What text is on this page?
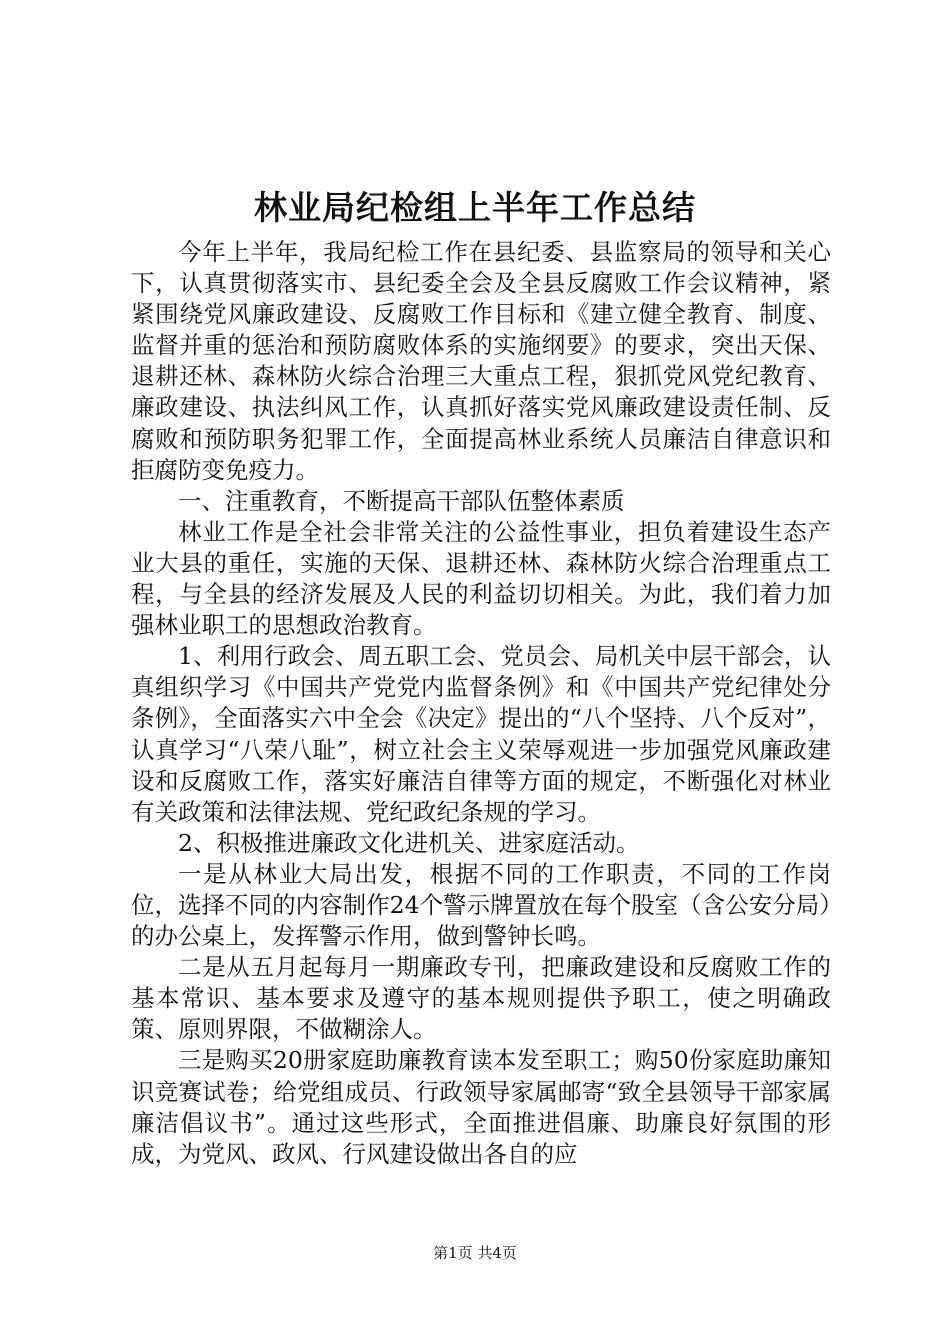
林业局纪检组上半年工作总结

今年上半年，我局纪检工作在县纪委、县监察局的领导和关心下，认真贯彻落实市、县纪委全会及全县反腐败工作会议精神，紧紧围绕党风廉政建设、反腐败工作目标和《建立健全教育、制度、监督并重的惩治和预防腐败体系的实施纲要》的要求，突出天保、退耕还林、森林防火综合治理三大重点工程，狠抓党风党纪教育、廉政建设、执法纠风工作，认真抓好落实党风廉政建设责任制、反腐败和预防职务犯罪工作，全面提高林业系统人员廉洁自律意识和拒腐防变免疫力。

一、注重教育，不断提高干部队伍整体素质

林业工作是全社会非常关注的公益性事业，担负着建设生态产业大县的重任，实施的天保、退耕还林、森林防火综合治理重点工程，与全县的经济发展及人民的利益切切相关。为此，我们着力加强林业职工的思想政治教育。

1、利用行政会、周五职工会、党员会、局机关中层干部会，认真组织学习《中国共产党党内监督条例》和《中国共产党纪律处分条例》，全面落实六中全会《决定》提出的“八个坚持、八个反对”，认真学习“八荣八耻”，树立社会主义荣辱观进一步加强党风廉政建设和反腐败工作，落实好廉洁自律等方面的规定，不断强化对林业有关政策和法律法规、党纪政纪条规的学习。

2、积极推进廉政文化进机关、进家庭活动。

一是从林业大局出发，根据不同的工作职责，不同的工作岗位，选择不同的内容制作24个警示牌置放在每个股室（含公安分局）的办公桌上，发挥警示作用，做到警钟长鸣。

二是从五月起每月一期廉政专刊，把廉政建设和反腐败工作的基本常识、基本要求及遵守的基本规则提供予职工，使之明确政策、原则界限，不做糊涂人。

三是购买20册家庭助廉教育读本发至职工；购50份家庭助廉知识竞赛试卷；给党组成员、行政领导家属邮寄“致全县领导干部家属廉洁倡议书”。通过这些形式，全面推进倡廉、助廉良好氛围的形成，为党风、政风、行风建设做出各自的应

第1页 共4页
